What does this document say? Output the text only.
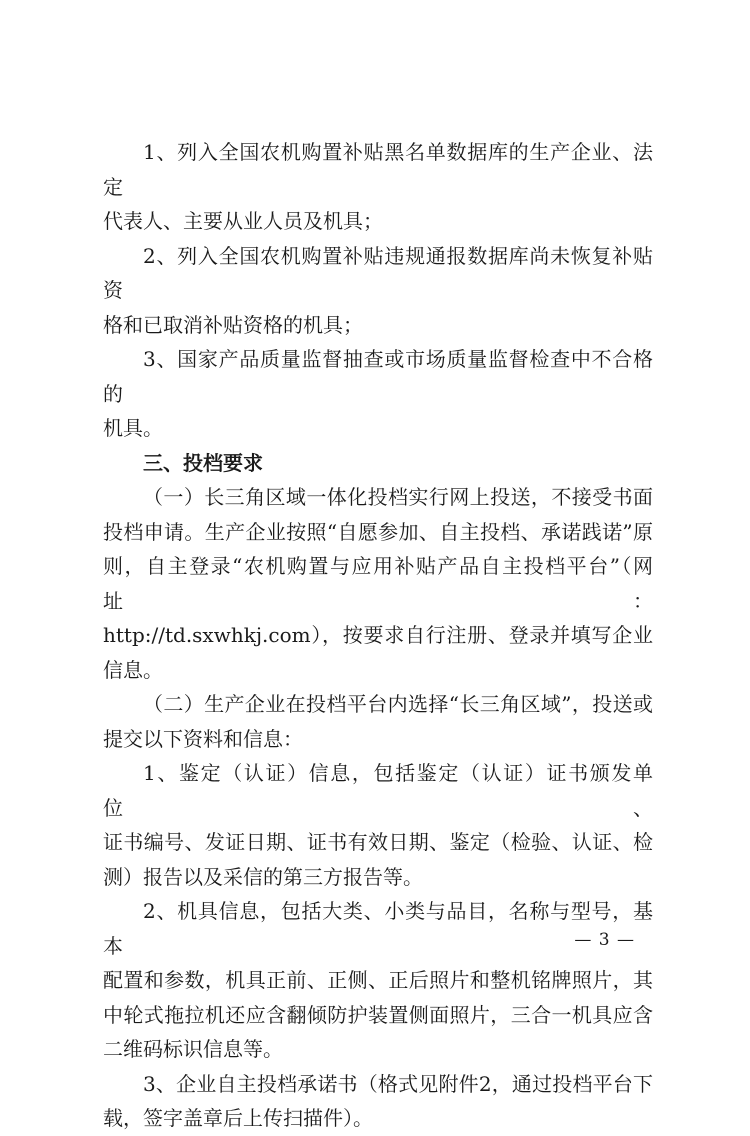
1、列入全国农机购置补贴黑名单数据库的生产企业、法定

代表人、主要从业人员及机具；

2、列入全国农机购置补贴违规通报数据库尚未恢复补贴资

格和已取消补贴资格的机具；

3、国家产品质量监督抽查或市场质量监督检查中不合格的

机具。

三、投档要求

（一）长三角区域一体化投档实行网上投送，不接受书面

投档申请。生产企业按照“自愿参加、自主投档、承诺践诺”原

则，自主登录“农机购置与应用补贴产品自主投档平台”（网址：

http://td.sxwhkj.com），按要求自行注册、登录并填写企业信息。

（二）生产企业在投档平台内选择“长三角区域”，投送或

提交以下资料和信息：

1、鉴定（认证）信息，包括鉴定（认证）证书颁发单位、

证书编号、发证日期、证书有效日期、鉴定（检验、认证、检

测）报告以及采信的第三方报告等。

2、机具信息，包括大类、小类与品目，名称与型号，基本

配置和参数，机具正前、正侧、正后照片和整机铭牌照片，其

中轮式拖拉机还应含翻倾防护装置侧面照片，三合一机具应含

二维码标识信息等。

3、企业自主投档承诺书（格式见附件2，通过投档平台下

载，签字盖章后上传扫描件）。

— 3 —
